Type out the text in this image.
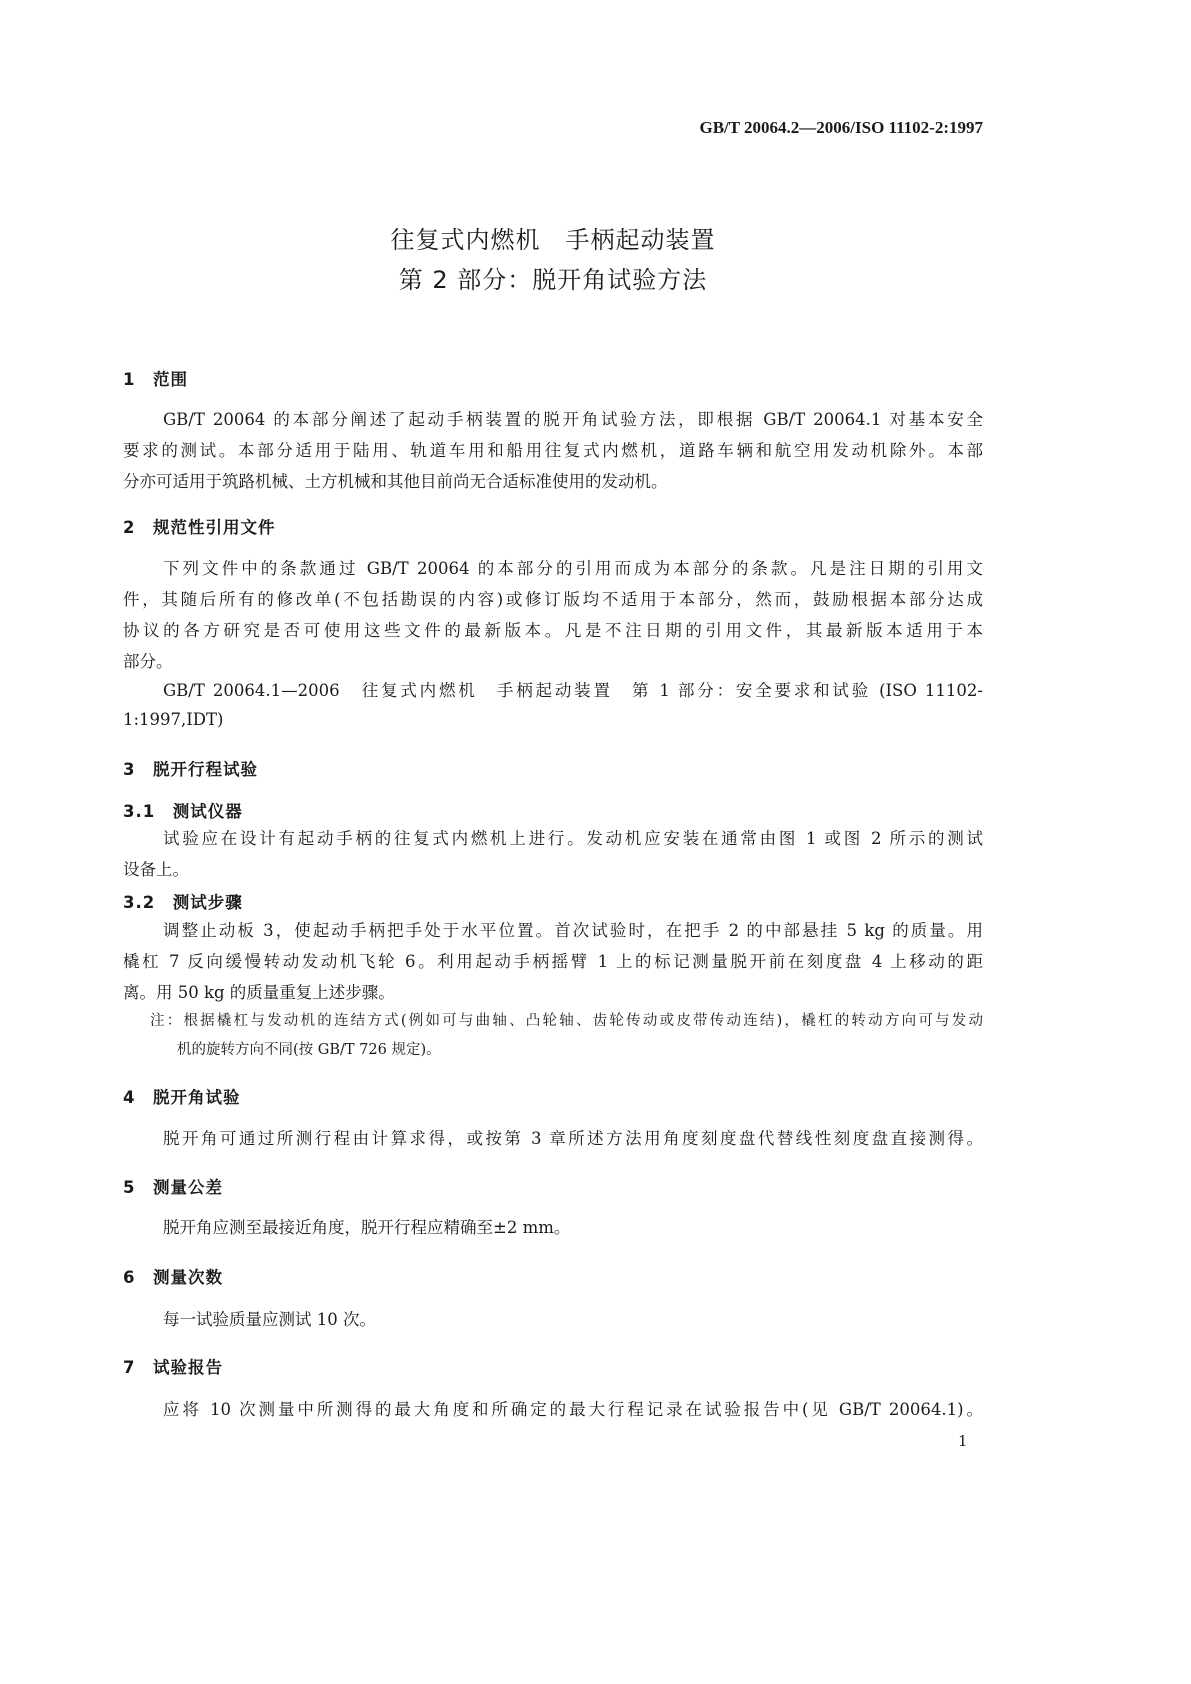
GB/T 20064.2—2006/ISO 11102-2:1997
往复式内燃机　手柄起动装置
第 2 部分：脱开角试验方法
1　范围
GB/T 20064 的本部分阐述了起动手柄装置的脱开角试验方法，即根据 GB/T 20064.1 对基本安全
要求的测试。本部分适用于陆用、轨道车用和船用往复式内燃机，道路车辆和航空用发动机除外。本部
分亦可适用于筑路机械、土方机械和其他目前尚无合适标准使用的发动机。
2　规范性引用文件
下列文件中的条款通过 GB/T 20064 的本部分的引用而成为本部分的条款。凡是注日期的引用文
件，其随后所有的修改单(不包括勘误的内容)或修订版均不适用于本部分，然而，鼓励根据本部分达成
协议的各方研究是否可使用这些文件的最新版本。凡是不注日期的引用文件，其最新版本适用于本
部分。
GB/T 20064.1—2006　往复式内燃机　手柄起动装置　第 1 部分：安全要求和试验 (ISO 11102-
1:1997,IDT)
3　脱开行程试验
3.1　测试仪器
试验应在设计有起动手柄的往复式内燃机上进行。发动机应安装在通常由图 1 或图 2 所示的测试
设备上。
3.2　测试步骤
调整止动板 3，使起动手柄把手处于水平位置。首次试验时，在把手 2 的中部悬挂 5 kg 的质量。用
橇杠 7 反向缓慢转动发动机飞轮 6。利用起动手柄摇臂 1 上的标记测量脱开前在刻度盘 4 上移动的距
离。用 50 kg 的质量重复上述步骤。
注：根据橇杠与发动机的连结方式(例如可与曲轴、凸轮轴、齿轮传动或皮带传动连结)，橇杠的转动方向可与发动
机的旋转方向不同(按 GB/T 726 规定)。
4　脱开角试验
脱开角可通过所测行程由计算求得，或按第 3 章所述方法用角度刻度盘代替线性刻度盘直接测得。
5　测量公差
脱开角应测至最接近角度，脱开行程应精确至±2 mm。
6　测量次数
每一试验质量应测试 10 次。
7　试验报告
应将 10 次测量中所测得的最大角度和所确定的最大行程记录在试验报告中(见 GB/T 20064.1)。
1
